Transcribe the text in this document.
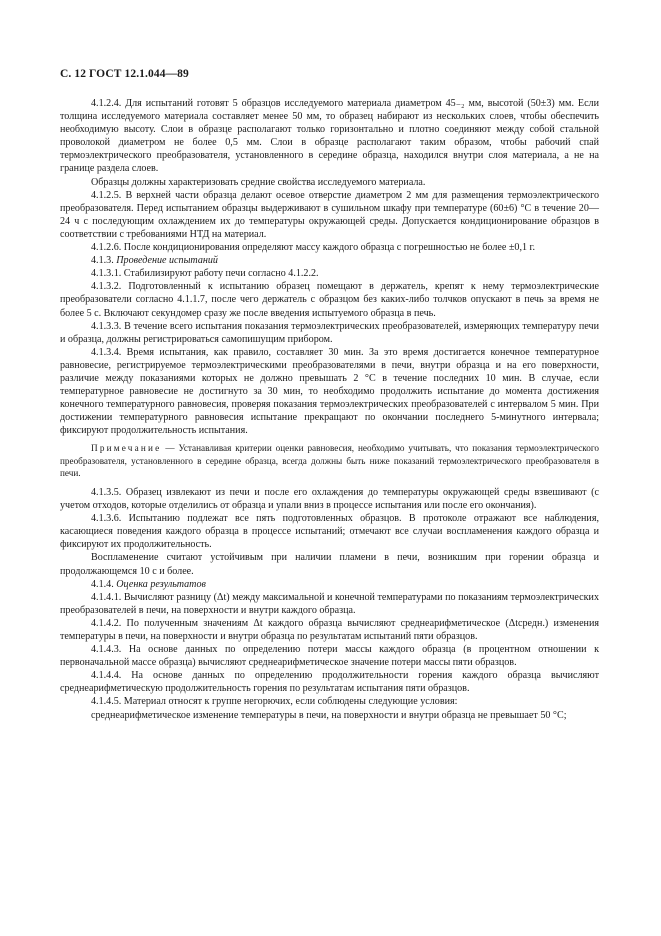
С. 12 ГОСТ 12.1.044—89

4.1.2.4. Для испытаний готовят 5 образцов исследуемого материала диаметром 45₋₂ мм, высотой (50±3) мм. Если толщина исследуемого материала составляет менее 50 мм, то образец набирают из нескольких слоев, чтобы обеспечить необходимую высоту. Слои в образце располагают только горизонтально и плотно соединяют между собой стальной проволокой диаметром не более 0,5 мм. Слои в образце располагают таким образом, чтобы рабочий спай термоэлектрического преобразователя, установленного в середине образца, находился внутри слоя материала, а не на границе раздела слоев.

Образцы должны характеризовать средние свойства исследуемого материала.

4.1.2.5. В верхней части образца делают осевое отверстие диаметром 2 мм для размещения термоэлектрического преобразователя. Перед испытанием образцы выдерживают в сушильном шкафу при температуре (60±6) °С в течение 20—24 ч с последующим охлаждением их до температуры окружающей среды. Допускается кондиционирование образцов в соответствии с требованиями НТД на материал.

4.1.2.6. После кондиционирования определяют массу каждого образца с погрешностью не более ±0,1 г.

4.1.3. Проведение испытаний

4.1.3.1. Стабилизируют работу печи согласно 4.1.2.2.

4.1.3.2. Подготовленный к испытанию образец помещают в держатель, крепят к нему термоэлектрические преобразователи согласно 4.1.1.7, после чего держатель с образцом без каких-либо толчков опускают в печь за время не более 5 с. Включают секундомер сразу же после введения испытуемого образца в печь.

4.1.3.3. В течение всего испытания показания термоэлектрических преобразователей, измеряющих температуру печи и образца, должны регистрироваться самопишущим прибором.

4.1.3.4. Время испытания, как правило, составляет 30 мин. За это время достигается конечное температурное равновесие, регистрируемое термоэлектрическими преобразователями в печи, внутри образца и на его поверхности, различие между показаниями которых не должно превышать 2 °С в течение последних 10 мин. В случае, если температурное равновесие не достигнуто за 30 мин, то необходимо продолжить испытание до момента достижения конечного температурного равновесия, проверяя показания термоэлектрических преобразователей с интервалом 5 мин. При достижении температурного равновесия испытание прекращают по окончании последнего 5-минутного интервала; фиксируют продолжительность испытания.

Примечание — Устанавливая критерии оценки равновесия, необходимо учитывать, что показания термоэлектрического преобразователя, установленного в середине образца, всегда должны быть ниже показаний термоэлектрического преобразователя в печи.

4.1.3.5. Образец извлекают из печи и после его охлаждения до температуры окружающей среды взвешивают (с учетом отходов, которые отделились от образца и упали вниз в процессе испытания или после его окончания).

4.1.3.6. Испытанию подлежат все пять подготовленных образцов. В протоколе отражают все наблюдения, касающиеся поведения каждого образца в процессе испытаний; отмечают все случаи воспламенения каждого образца и фиксируют их продолжительность.

Воспламенение считают устойчивым при наличии пламени в печи, возникшим при горении образца и продолжающемся 10 с и более.

4.1.4. Оценка результатов

4.1.4.1. Вычисляют разницу (Δt) между максимальной и конечной температурами по показаниям термоэлектрических преобразователей в печи, на поверхности и внутри каждого образца.

4.1.4.2. По полученным значениям Δt каждого образца вычисляют среднеарифметическое (Δtсредн.) изменения температуры в печи, на поверхности и внутри образца по результатам испытаний пяти образцов.

4.1.4.3. На основе данных по определению потери массы каждого образца (в процентном отношении к первоначальной массе образца) вычисляют среднеарифметическое значение потери массы пяти образцов.

4.1.4.4. На основе данных по определению продолжительности горения каждого образца вычисляют среднеарифметическую продолжительность горения по результатам испытания пяти образцов.

4.1.4.5. Материал относят к группе негорючих, если соблюдены следующие условия:

среднеарифметическое изменение температуры в печи, на поверхности и внутри образца не превышает 50 °С;
